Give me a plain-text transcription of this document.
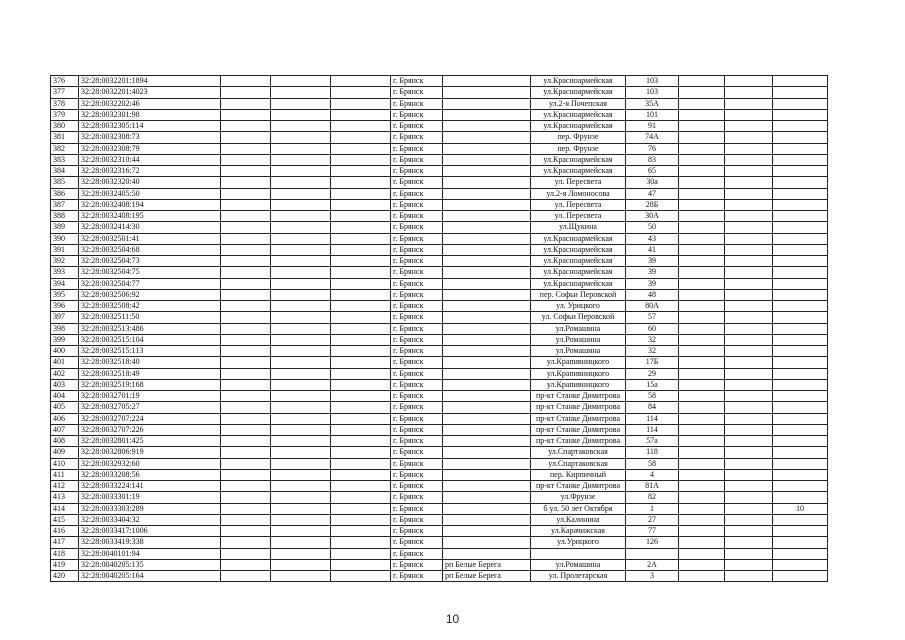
376	32:28:0032201:1894				г. Брянск		ул.Красноармейская	103			
377	32:28:0032201:4023				г. Брянск		ул.Красноармейская	103			
378	32:28:0032202:46				г. Брянск		ул.2-я Почепская	35А			
379	32:28:0032301:98				г. Брянск		ул.Красноармейская	101			
380	32:28:0032305:114				г. Брянск		ул.Красноармейская	91			
381	32:28:0032308:73				г. Брянск		пер. Фрунзе	74А			
382	32:28:0032308:79				г. Брянск		пер. Фрунзе	76			
383	32:28:0032310:44				г. Брянск		ул.Красноармейская	83			
384	32:28:0032316:72				г. Брянск		ул.Красноармейская	65			
385	32:28:0032320:40				г. Брянск		ул. Пересвета	30а			
386	32:28:0032405:50				г. Брянск		ул.2-я Ломоносова	47			
387	32:28:0032408:194				г. Брянск		ул. Пересвета	28Б			
388	32:28:0032408:195				г. Брянск		ул. Пересвета	30А			
389	32:28:0032414:30				г. Брянск		ул.Щукина	50			
390	32:28:0032501:41				г. Брянск		ул.Красноармейская	43			
391	32:28:0032504:68				г. Брянск		ул.Красноармейская	41			
392	32:28:0032504:73				г. Брянск		ул.Красноармейская	39			
393	32:28:0032504:75				г. Брянск		ул.Красноармейская	39			
394	32:28:0032504:77				г. Брянск		ул.Красноармейская	39			
395	32:28:0032506:92				г. Брянск		пер. Софьи Перовской	48			
396	32:28:0032508:42				г. Брянск		ул. Урицкого	80А			
397	32:28:0032511:50				г. Брянск		ул. Софьи Перовской	57			
398	32:28:0032513:486				г. Брянск		ул.Ромашина	60			
399	32:28:0032515:104				г. Брянск		ул.Ромашина	32			
400	32:28:0032515:113				г. Брянск		ул.Ромашина	32			
401	32:28:0032518:40				г. Брянск		ул.Крапивницкого	17Б			
402	32:28:0032518:49				г. Брянск		ул.Крапивницкого	29			
403	32:28:0032519:168				г. Брянск		ул.Крапивницкого	15а			
404	32:28:0032701:19				г. Брянск		пр-кт Станке Димитрова	58			
405	32:28:0032705:27				г. Брянск		пр-кт Станке Димитрова	84			
406	32:28:0032707:224				г. Брянск		пр-кт Станке Димитрова	114			
407	32:28:0032707:226				г. Брянск		пр-кт Станке Димитрова	114			
408	32:28:0032801:425				г. Брянск		пр-кт Станке Димитрова	57а			
409	32:28:0032806:919				г. Брянск		ул.Спартаковская	118			
410	32:28:0032932:60				г. Брянск		ул.Спартаковская	58			
411	32:28:0033208:56				г. Брянск		пер. Кирпичный	4			
412	32:28:0033224:141				г. Брянск		пр-кт Станке Димитрова	81А			
413	32:28:0033301:19				г. Брянск		ул.Фрунзе	82			
414	32:28:0033303:289				г. Брянск		б ул. 50 лет Октября	1			10
415	32:28:0033404:32				г. Брянск		ул.Калинина	27			
416	32:28:0033417:1006				г. Брянск		ул.Карачижская	77			
417	32:28:0033419:338				г. Брянск		ул.Урицкого	126			
418	32:28:0040101:94				г. Брянск						
419	32:28:0040205:135				г. Брянск	рп Белые Берега	ул.Ромашина	2А			
420	32:28:0040205:164				г. Брянск	рп Белые Берега	ул. Пролетарская	3			
10
